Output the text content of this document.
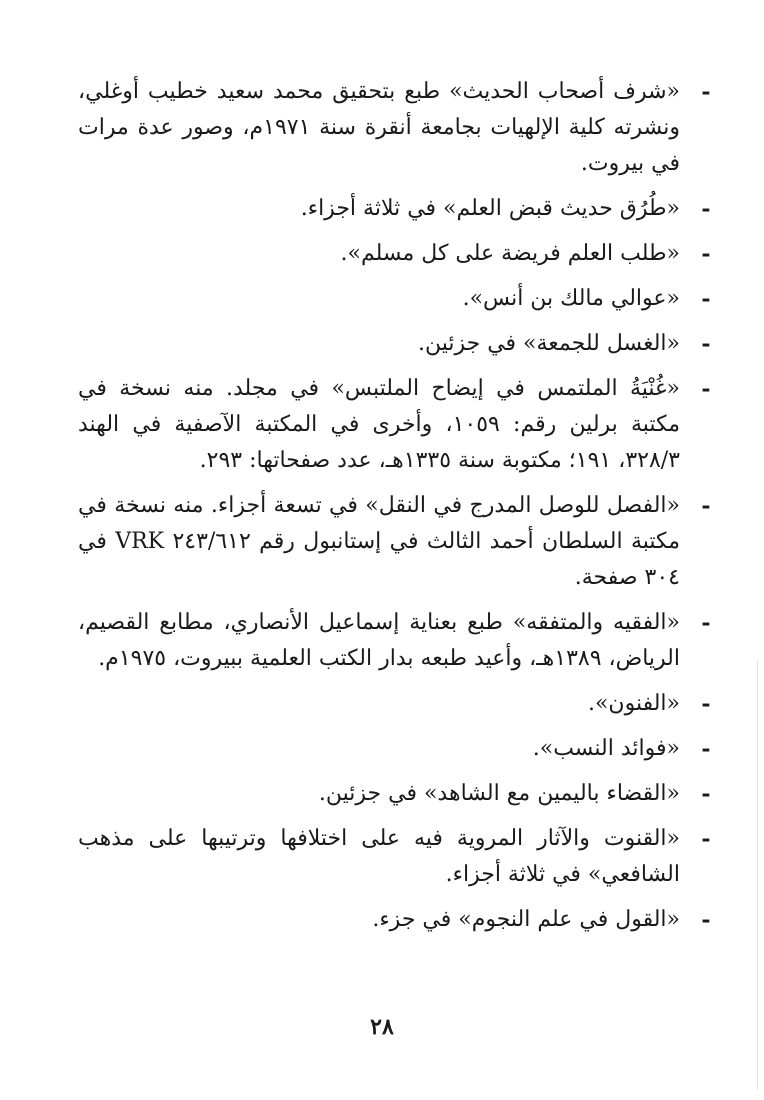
-
«شرف أصحاب الحديث» طبع بتحقيق محمد سعيد خطيب أوغلي، ونشرته كلية الإلهيات بجامعة أنقرة سنة ١٩٧١م، وصور عدة مرات في بيروت.
-
«طُرُق حديث قبض العلم» في ثلاثة أجزاء.
-
«طلب العلم فريضة على كل مسلم».
-
«عوالي مالك بن أنس».
-
«الغسل للجمعة» في جزئين.
-
«غُنْيَةُ الملتمس في إيضاح الملتبس» في مجلد. منه نسخة في مكتبة برلين رقم: ١٠٥٩، وأخرى في المكتبة الآصفية في الهند ٣٢٨/٣، ١٩١؛ مكتوبة سنة ١٣٣٥هـ، عدد صفحاتها: ٢٩٣.
-
«الفصل للوصل المدرج في النقل» في تسعة أجزاء. منه نسخة في مكتبة السلطان أحمد الثالث في إستانبول رقم ٢٤٣/٦١٢ VRK في ٣٠٤ صفحة.
-
«الفقيه والمتفقه» طبع بعناية إسماعيل الأنصاري، مطابع القصيم، الرياض، ١٣٨٩هـ، وأعيد طبعه بدار الكتب العلمية ببيروت، ١٩٧٥م.
-
«الفنون».
-
«فوائد النسب».
-
«القضاء باليمين مع الشاهد» في جزئين.
-
«القنوت والآثار المروية فيه على اختلافها وترتيبها على مذهب الشافعي» في ثلاثة أجزاء.
-
«القول في علم النجوم» في جزء.
٢٨
